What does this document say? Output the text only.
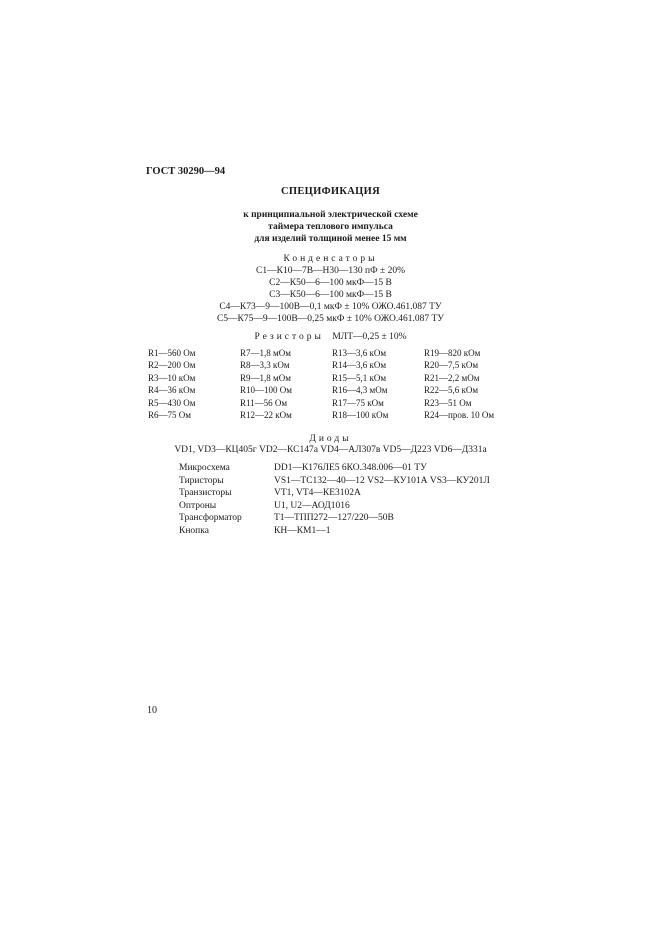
ГОСТ 30290—94
СПЕЦИФИКАЦИЯ
к принципиальной электрической схеме
таймера теплового импульса
для изделий толщиной менее 15 мм
Конденсаторы
С1—К10—7В—Н30—130 пФ ± 20%
С2—К50—6—100 мкФ—15 В
С3—К50—6—100 мкФ—15 В
С4—К73—9—100В—0,1 мкФ ± 10% ОЖО.461.087 ТУ
С5—К75—9—100В—0,25 мкФ ± 10% ОЖО.461.087 ТУ
Резисторы МЛТ—0,25 ± 10%
R1—560 Ом	R7—1,8 мОм	R13—3,6 кОм	R19—820 кОм
R2—200 Ом	R8—3,3 кОм	R14—3,6 кОм	R20—7,5 кОм
R3—10 кОм	R9—1,8 мОм	R15—5,1 кОм	R21—2,2 мОм
R4—36 кОм	R10—100 Ом	R16—4,3 мОм	R22—5,6 кОм
R5—430 Ом	R11—56 Ом	R17—75 кОм	R23—51 Ом
R6—75 Ом	R12—22 кОм	R18—100 кОм	R24—пров. 10 Ом
Диоды
VD1, VD3—КЦ405г VD2—КС147а VD4—АЛ307в VD5—Д223 VD6—Д331а
Микросхема	DD1—К176ЛЕ5 6КО.348.006—01 ТУ
Тиристоры	VS1—ТС132—40—12 VS2—КУ101А VS3—КУ201Л
Транзисторы	VT1, VT4—КЕ3102А
Оптроны	U1, U2—АОД1016
Трансформатор	Т1—ТПП272—127/220—50В
Кнопка	КН—КМ1—1
10
